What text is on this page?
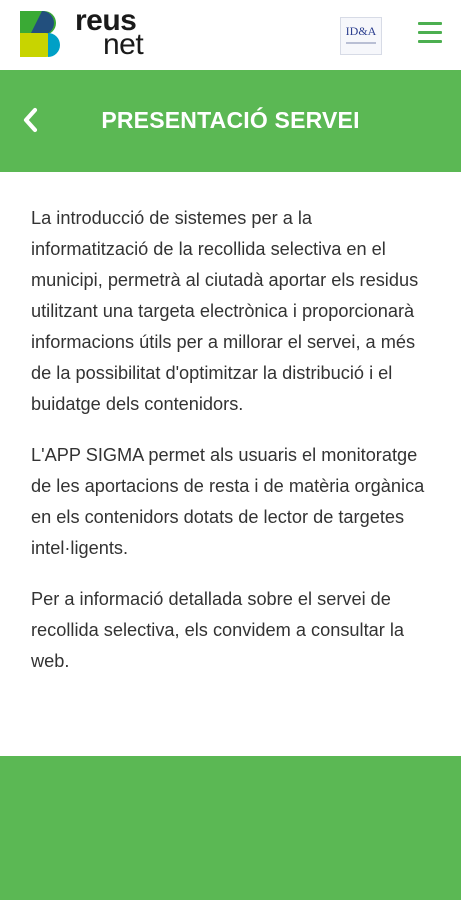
reus
net	ID&A
PRESENTACIÓ SERVEI

La introducció de sistemes per a la informatització de la recollida selectiva en el municipi, permetrà al ciutadà aportar els residus utilitzant una targeta electrònica i proporcionarà informacions útils per a millorar el servei, a més de la possibilitat d'optimitzar la distribució i el buidatge dels contenidors.

L'APP SIGMA permet als usuaris el monitoratge de les aportacions de resta i de matèria orgànica en els contenidors dotats de lector de targetes intel·ligents.

Per a informació detallada sobre el servei de recollida selectiva, els convidem a consultar la web.
